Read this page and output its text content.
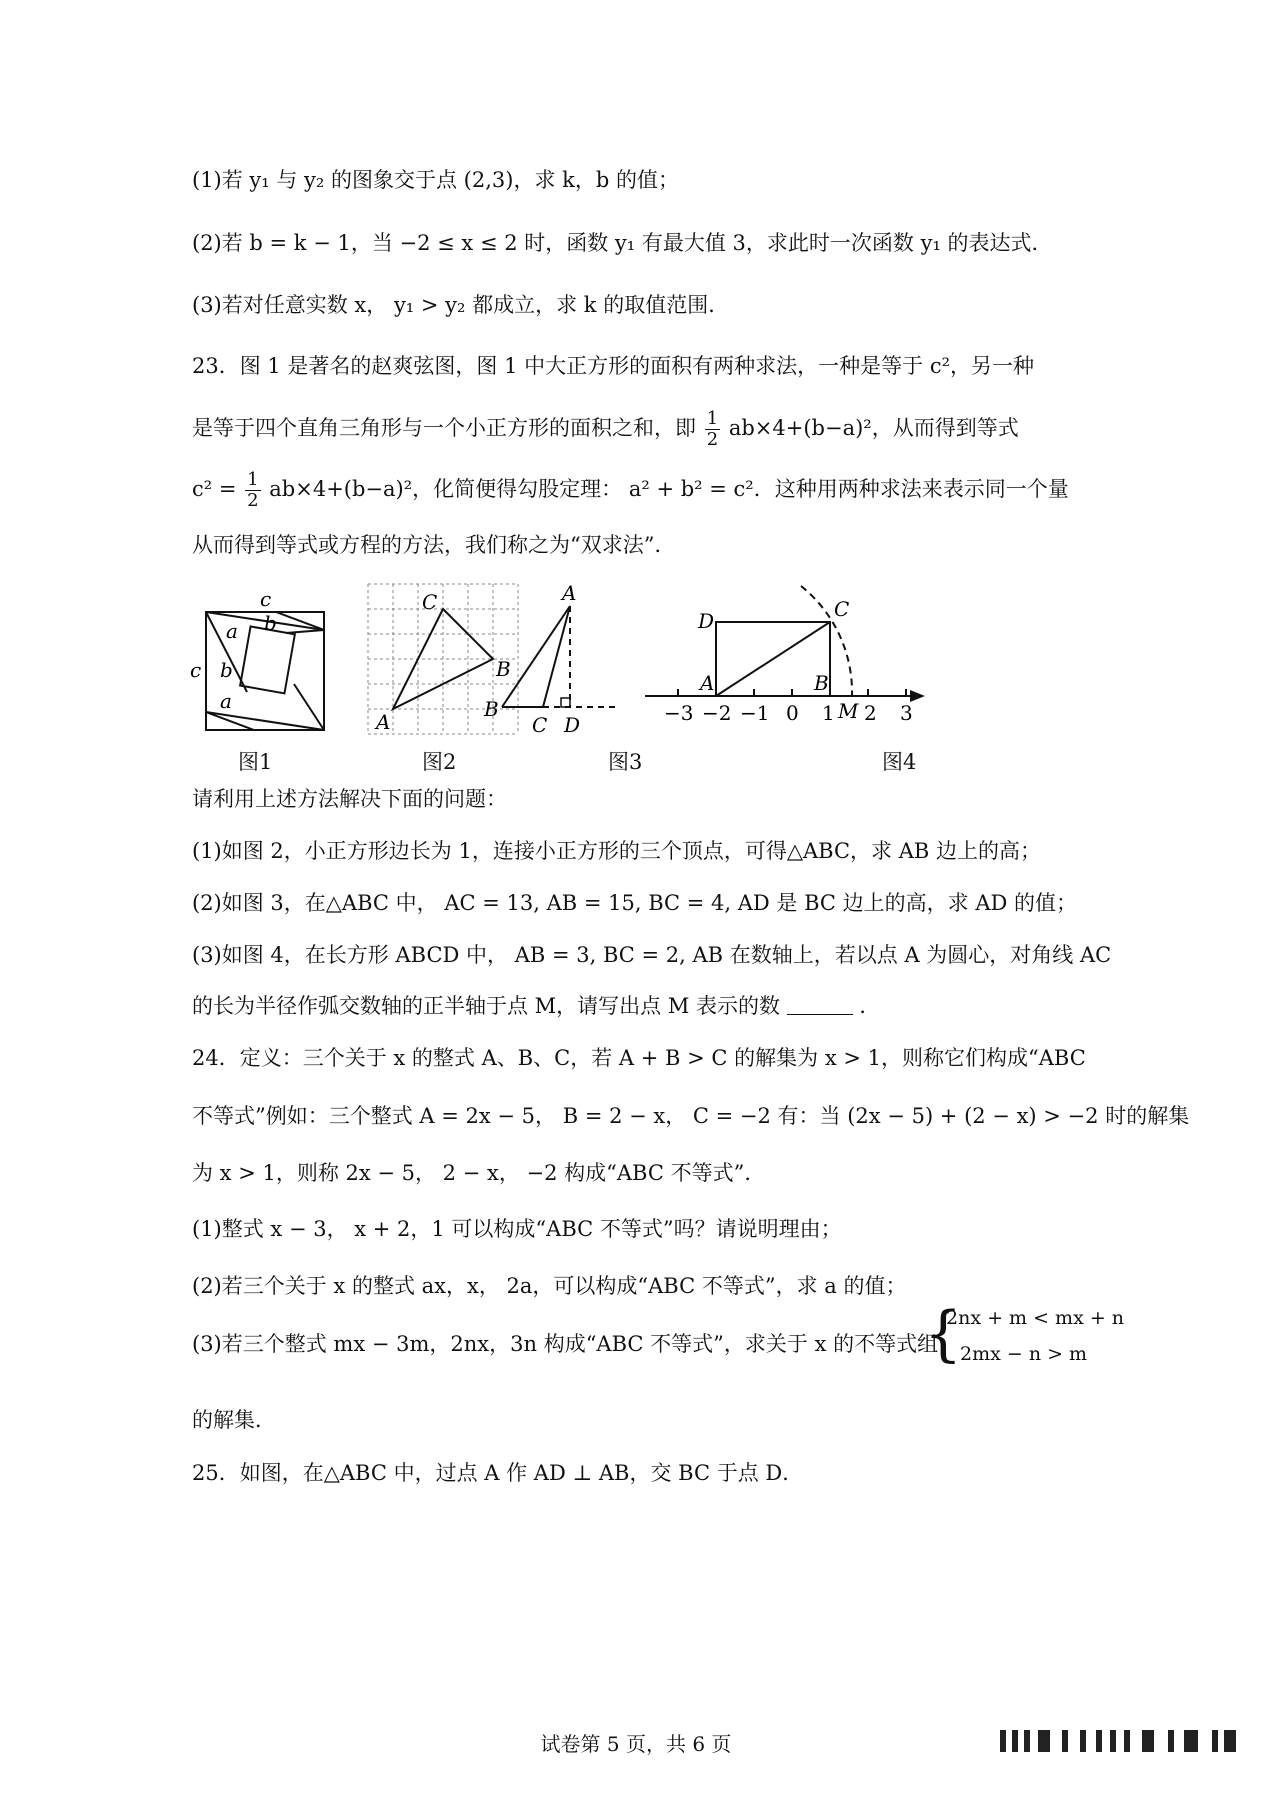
(1)若 y₁ 与 y₂ 的图象交于点 (2,3)，求 k，b 的值；
(2)若 b = k − 1，当 −2 ≤ x ≤ 2 时，函数 y₁ 有最大值 3，求此时一次函数 y₁ 的表达式．
(3)若对任意实数 x， y₁ > y₂ 都成立，求 k 的取值范围．
23．图 1 是著名的赵爽弦图，图 1 中大正方形的面积有两种求法，一种是等于 c²，另一种
是等于四个直角三角形与一个小正方形的面积之和，即 $\frac{1}{2} ab\times 4+(b-a)^2$，从而得到等式
$c^2 = \frac{1}{2} ab\times 4+(b-a)^2$，化简便得勾股定理： a² + b² = c²．这种用两种求法来表示同一个量
从而得到等式或方程的方法，我们称之为“双求法”．
c
a b
c b
a
C
B
A
A
B
C D
D	C
A	B
M
−3 −2 −1 0 1 2 3
图1	图2	图3	图4
请利用上述方法解决下面的问题：
(1)如图 2，小正方形边长为 1，连接小正方形的三个顶点，可得△ABC，求 AB 边上的高；
(2)如图 3，在△ABC 中， AC = 13, AB = 15, BC = 4, AD 是 BC 边上的高，求 AD 的值；
(3)如图 4，在长方形 ABCD 中， AB = 3, BC = 2, AB 在数轴上，若以点 A 为圆心，对角线 AC
的长为半径作弧交数轴的正半轴于点 M，请写出点 M 表示的数	．
24．定义：三个关于 x 的整式 A、B、C，若 A + B > C 的解集为 x > 1，则称它们构成“ABC
不等式”例如：三个整式 A = 2x − 5， B = 2 − x， C = −2 有：当 (2x − 5) + (2 − x) > −2 时的解集
为 x > 1，则称 2x − 5， 2 − x， −2 构成“ABC 不等式”．
(1)整式 x − 3， x + 2，1 可以构成“ABC 不等式”吗？请说明理由；
(2)若三个关于 x 的整式 ax，x， 2a，可以构成“ABC 不等式”，求 a 的值；
(3)若三个整式 mx − 3m，2nx，3n 构成“ABC 不等式”，求关于 x 的不等式组
{
2nx + m < mx + n
2mx − n > m
的解集．
25．如图，在△ABC 中，过点 A 作 AD ⊥ AB，交 BC 于点 D．
试卷第 5 页，共 6 页
